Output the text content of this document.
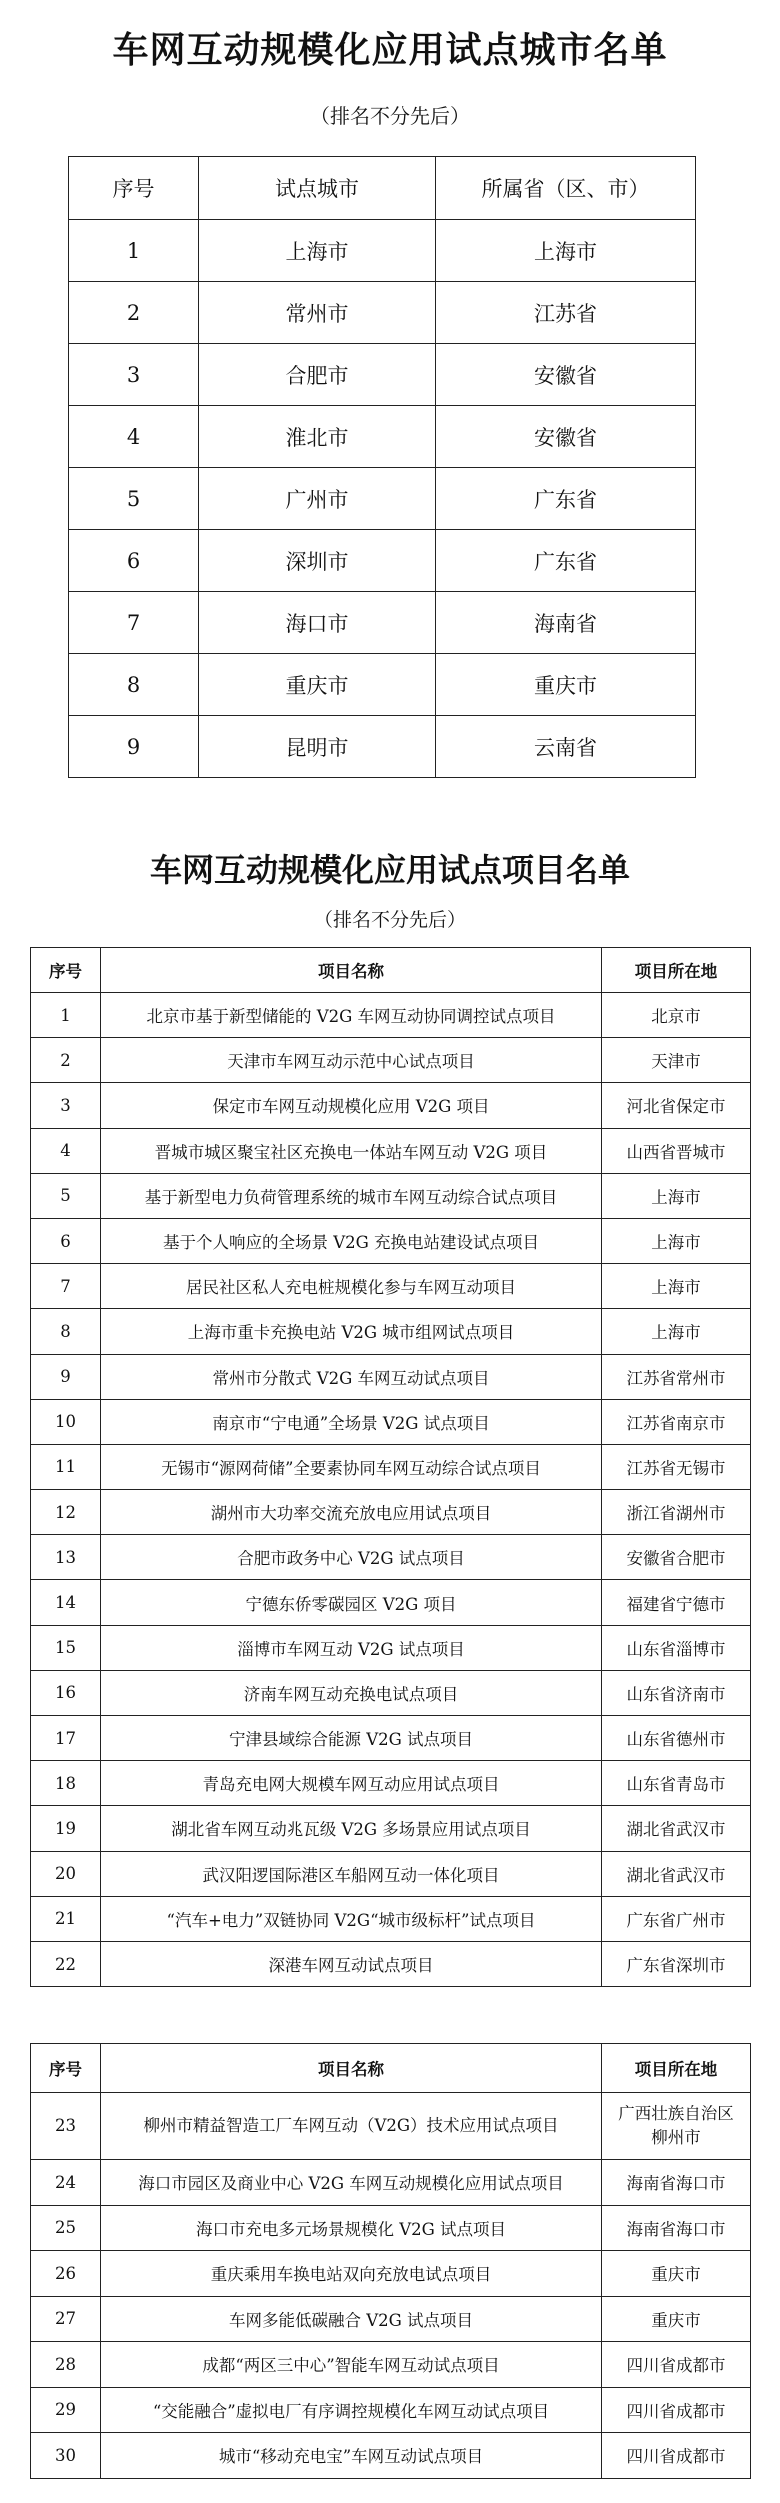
车网互动规模化应用试点城市名单
（排名不分先后）
序号	试点城市	所属省（区、市）
1	上海市	上海市
2	常州市	江苏省
3	合肥市	安徽省
4	淮北市	安徽省
5	广州市	广东省
6	深圳市	广东省
7	海口市	海南省
8	重庆市	重庆市
9	昆明市	云南省
车网互动规模化应用试点项目名单
（排名不分先后）
序号	项目名称	项目所在地
1	北京市基于新型储能的 V2G 车网互动协同调控试点项目	北京市
2	天津市车网互动示范中心试点项目	天津市
3	保定市车网互动规模化应用 V2G 项目	河北省保定市
4	晋城市城区聚宝社区充换电一体站车网互动 V2G 项目	山西省晋城市
5	基于新型电力负荷管理系统的城市车网互动综合试点项目	上海市
6	基于个人响应的全场景 V2G 充换电站建设试点项目	上海市
7	居民社区私人充电桩规模化参与车网互动项目	上海市
8	上海市重卡充换电站 V2G 城市组网试点项目	上海市
9	常州市分散式 V2G 车网互动试点项目	江苏省常州市
10	南京市“宁电通”全场景 V2G 试点项目	江苏省南京市
11	无锡市“源网荷储”全要素协同车网互动综合试点项目	江苏省无锡市
12	湖州市大功率交流充放电应用试点项目	浙江省湖州市
13	合肥市政务中心 V2G 试点项目	安徽省合肥市
14	宁德东侨零碳园区 V2G 项目	福建省宁德市
15	淄博市车网互动 V2G 试点项目	山东省淄博市
16	济南车网互动充换电试点项目	山东省济南市
17	宁津县域综合能源 V2G 试点项目	山东省德州市
18	青岛充电网大规模车网互动应用试点项目	山东省青岛市
19	湖北省车网互动兆瓦级 V2G 多场景应用试点项目	湖北省武汉市
20	武汉阳逻国际港区车船网互动一体化项目	湖北省武汉市
21	“汽车+电力”双链协同 V2G“城市级标杆”试点项目	广东省广州市
22	深港车网互动试点项目	广东省深圳市
序号	项目名称	项目所在地
23	柳州市精益智造工厂车网互动（V2G）技术应用试点项目	广西壮族自治区
柳州市
24	海口市园区及商业中心 V2G 车网互动规模化应用试点项目	海南省海口市
25	海口市充电多元场景规模化 V2G 试点项目	海南省海口市
26	重庆乘用车换电站双向充放电试点项目	重庆市
27	车网多能低碳融合 V2G 试点项目	重庆市
28	成都“两区三中心”智能车网互动试点项目	四川省成都市
29	“交能融合”虚拟电厂有序调控规模化车网互动试点项目	四川省成都市
30	城市“移动充电宝”车网互动试点项目	四川省成都市
